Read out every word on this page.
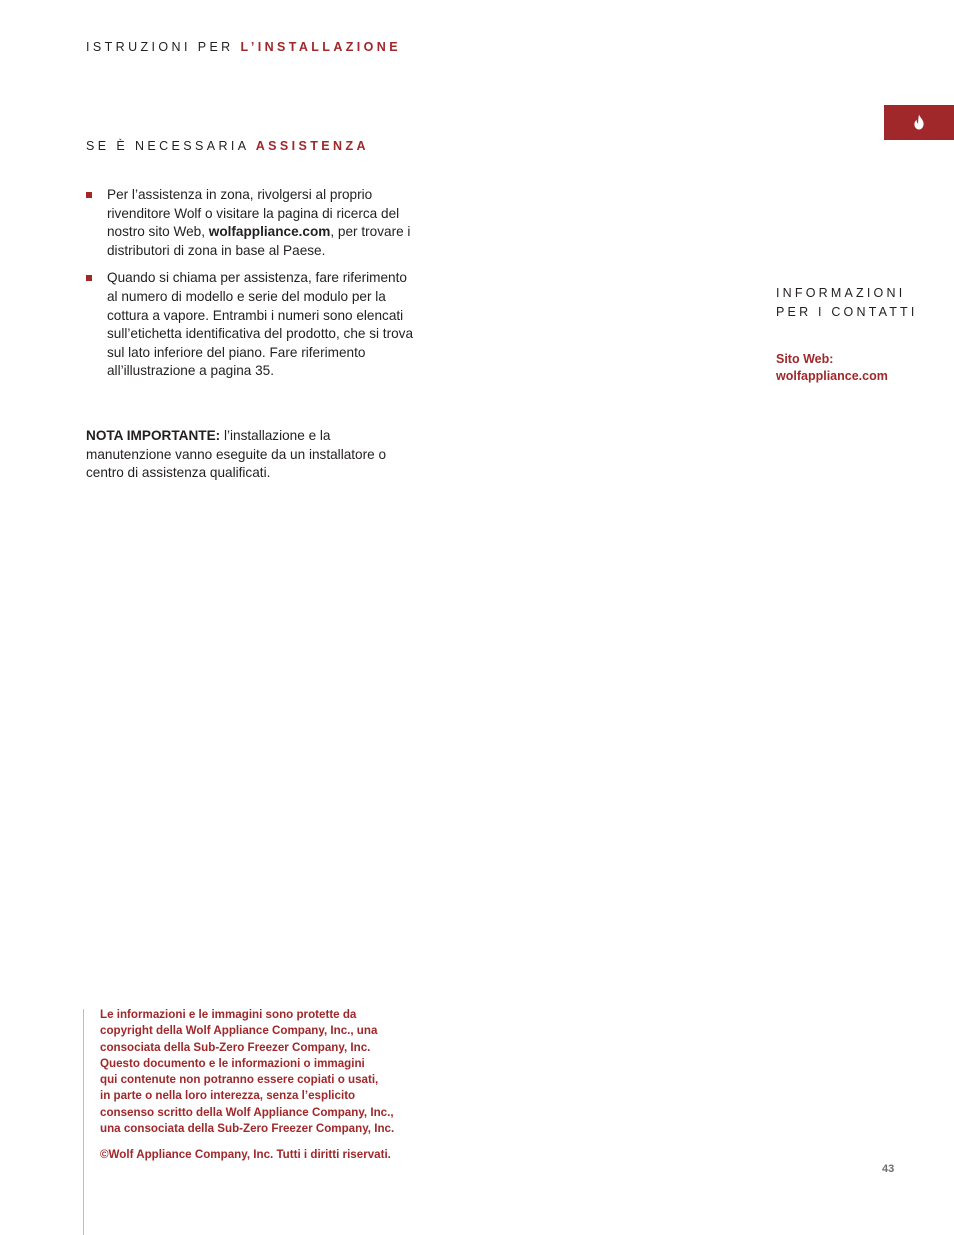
ISTRUZIONI PER L’INSTALLAZIONE
SE È NECESSARIA ASSISTENZA
Per l’assistenza in zona, rivolgersi al proprio rivenditore Wolf o visitare la pagina di ricerca del nostro sito Web, wolfappliance.com, per trovare i distributori di zona in base al Paese.
Quando si chiama per assistenza, fare riferimento al numero di modello e serie del modulo per la cottura a vapore. Entrambi i numeri sono elencati sull’etichetta identificativa del prodotto, che si trova sul lato inferiore del piano. Fare riferimento all’illustrazione a pagina 35.

NOTA IMPORTANTE: l’installazione e la manutenzione vanno eseguite da un installatore o centro di assistenza qualificati.

INFORMAZIONI
PER I CONTATTI

Sito Web:
wolfappliance.com

Le informazioni e le immagini sono protette da
copyright della Wolf Appliance Company, Inc., una
consociata della Sub-Zero Freezer Company, Inc.
Questo documento e le informazioni o immagini
qui contenute non potranno essere copiati o usati,
in parte o nella loro interezza, senza l’esplicito
consenso scritto della Wolf Appliance Company, Inc.,
una consociata della Sub-Zero Freezer Company, Inc.

©Wolf Appliance Company, Inc. Tutti i diritti riservati.

43
